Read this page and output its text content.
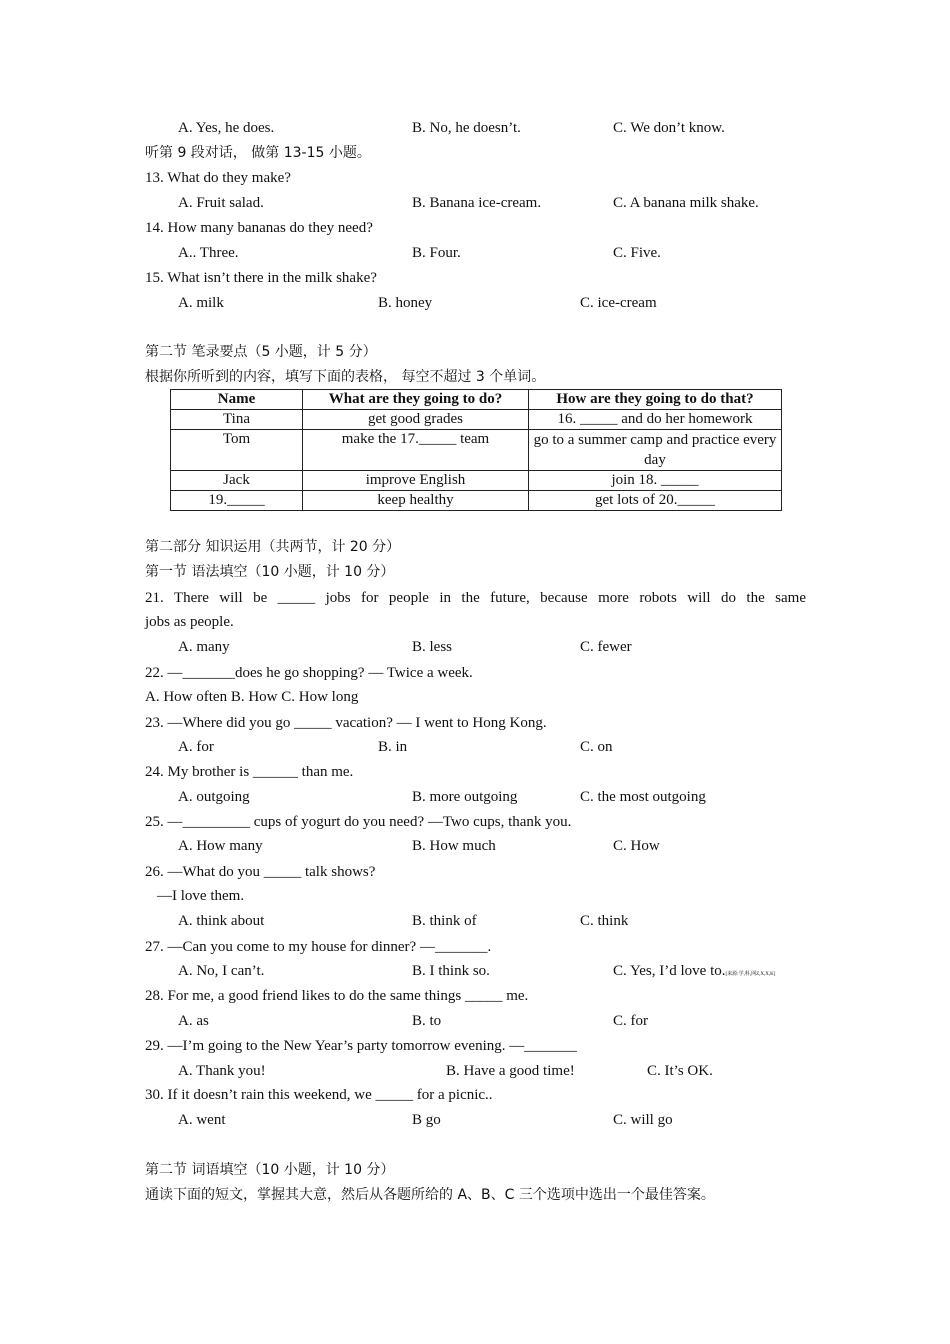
A. Yes, he does.	B. No, he doesn’t.	C. We don’t know.
听第 9 段对话， 做第 13-15 小题。
13. What do they make?
A. Fruit salad.	B. Banana ice-cream.	C. A banana milk shake.
14. How many bananas do they need?
A.. Three.	B. Four.	C. Five.
15. What isn’t there in the milk shake?
A. milk	B. honey	C. ice-cream
第二节 笔录要点（5 小题，计 5 分）
根据你所听到的内容，填写下面的表格， 每空不超过 3 个单词。
Name	What are they going to do?	How are they going to do that?
Tina	get good grades	16. _____ and do her homework
Tom	make the 17._____ team	go to a summer camp and practice every day
Jack	improve English	join 18. _____
19._____	keep healthy	get lots of 20._____
第二部分 知识运用（共两节，计 20 分）
第一节 语法填空（10 小题，计 10 分）
21. There will be _____ jobs for people in the future, because more robots will do the same
jobs as people.
A. many	B. less	C. fewer
22. —_______does he go shopping? — Twice a week.
A. How often B. How C. How long
23. —Where did you go _____ vacation? — I went to Hong Kong.
A. for	B. in	C. on
24. My brother is ______ than me.
A. outgoing	B. more outgoing	C. the most outgoing
25. —_________ cups of yogurt do you need? —Two cups, thank you.
A. How many	B. How much	C. How
26. —What do you _____ talk shows?
—I love them.
A. think about	B. think of	C. think
27. —Can you come to my house for dinner? —_______.
A. No, I can’t.	B. I think so.	C. Yes, I’d love to.[来源:学,科,网Z,X,X,K]
28. For me, a good friend likes to do the same things _____ me.
A. as	B. to	C. for
29. —I’m going to the New Year’s party tomorrow evening. —_______
A. Thank you!	B. Have a good time!	C. It’s OK.
30. If it doesn’t rain this weekend, we _____ for a picnic..
A. went	B go	C. will go
第二节 词语填空（10 小题，计 10 分）
通读下面的短文，掌握其大意，然后从各题所给的 A、B、C 三个选项中选出一个最佳答案。
